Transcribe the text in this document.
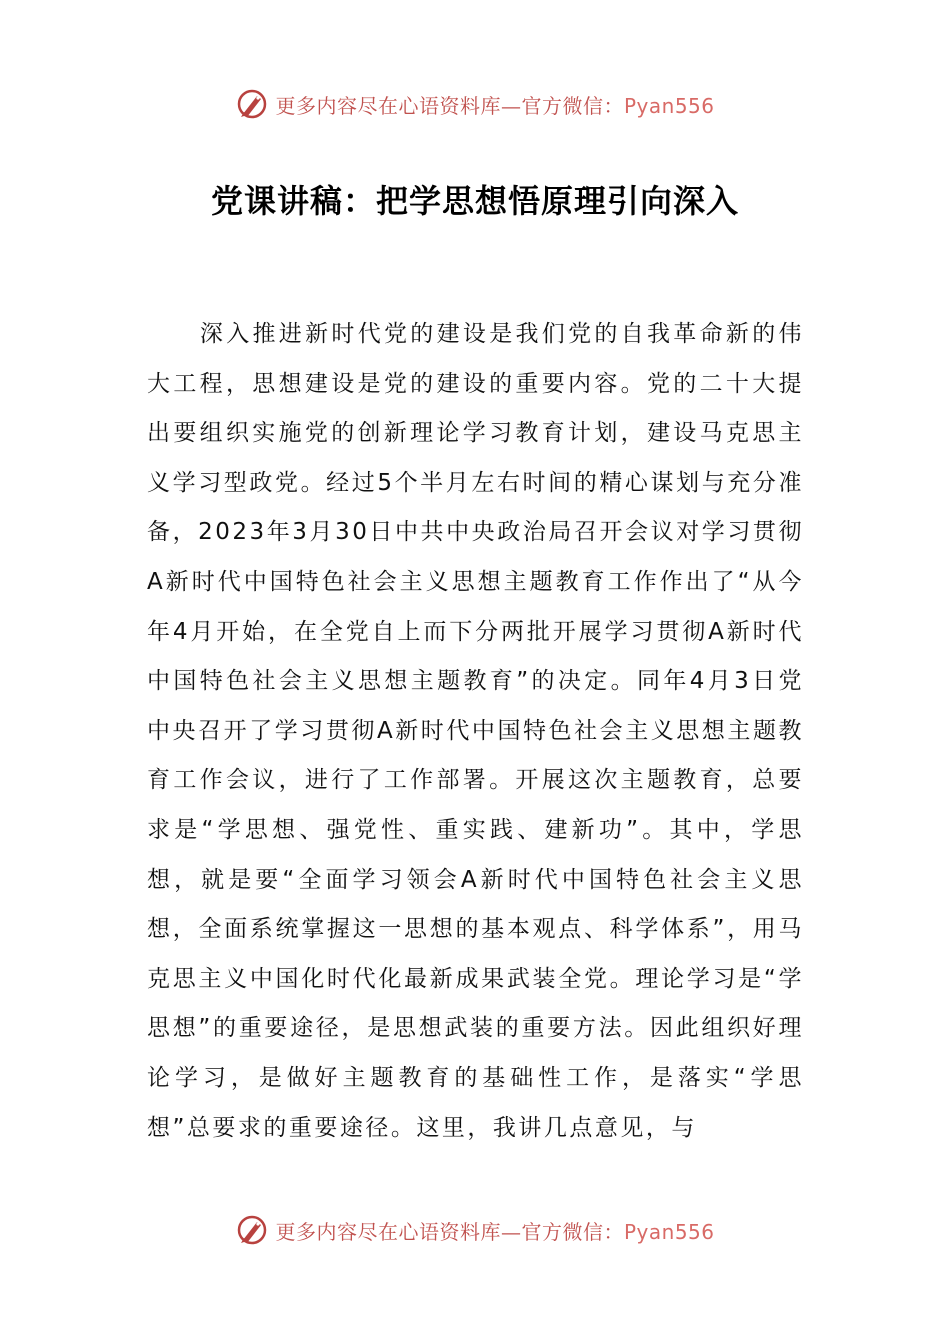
更多内容尽在心语资料库—官方微信：Pyan556
党课讲稿：把学思想悟原理引向深入

深入推进新时代党的建设是我们党的自我革命新的伟大工程，思想建设是党的建设的重要内容。党的二十大提出要组织实施党的创新理论学习教育计划，建设马克思主义学习型政党。经过5个半月左右时间的精心谋划与充分准备，2023年3月30日中共中央政治局召开会议对学习贯彻A新时代中国特色社会主义思想主题教育工作作出了“从今年4月开始，在全党自上而下分两批开展学习贯彻A新时代中国特色社会主义思想主题教育”的决定。同年4月3日党中央召开了学习贯彻A新时代中国特色社会主义思想主题教育工作会议，进行了工作部署。开展这次主题教育，总要求是“学思想、强党性、重实践、建新功”。其中，学思想，就是要“全面学习领会A新时代中国特色社会主义思想，全面系统掌握这一思想的基本观点、科学体系”，用马克思主义中国化时代化最新成果武装全党。理论学习是“学思想”的重要途径，是思想武装的重要方法。因此组织好理论学习，是做好主题教育的基础性工作，是落实“学思想”总要求的重要途径。这里，我讲几点意见，与

更多内容尽在心语资料库—官方微信：Pyan556
